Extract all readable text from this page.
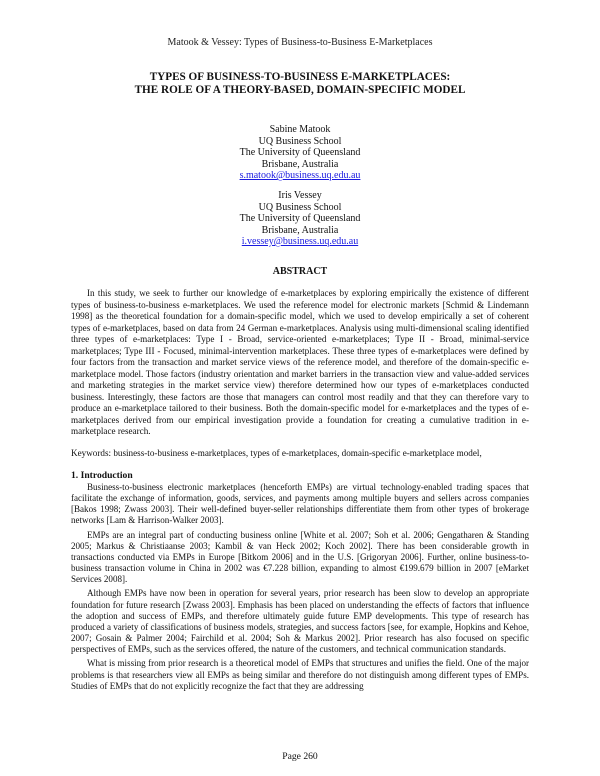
Matook & Vessey: Types of Business-to-Business E-Marketplaces
TYPES OF BUSINESS-TO-BUSINESS E-MARKETPLACES:
THE ROLE OF A THEORY-BASED, DOMAIN-SPECIFIC MODEL
Sabine Matook
UQ Business School
The University of Queensland
Brisbane, Australia
s.matook@business.uq.edu.au
Iris Vessey
UQ Business School
The University of Queensland
Brisbane, Australia
i.vessey@business.uq.edu.au
ABSTRACT

In this study, we seek to further our knowledge of e-marketplaces by exploring empirically the existence of different types of business-to-business e-marketplaces. We used the reference model for electronic markets [Schmid & Lindemann 1998] as the theoretical foundation for a domain-specific model, which we used to develop empirically a set of coherent types of e-marketplaces, based on data from 24 German e-marketplaces. Analysis using multi-dimensional scaling identified three types of e-marketplaces: Type I - Broad, service-oriented e-marketplaces; Type II - Broad, minimal-service marketplaces; Type III - Focused, minimal-intervention marketplaces. These three types of e-marketplaces were defined by four factors from the transaction and market service views of the reference model, and therefore of the domain-specific e-marketplace model. Those factors (industry orientation and market barriers in the transaction view and value-added services and marketing strategies in the market service view) therefore determined how our types of e-marketplaces conducted business. Interestingly, these factors are those that managers can control most readily and that they can therefore vary to produce an e-marketplace tailored to their business. Both the domain-specific model for e-marketplaces and the types of e-marketplaces derived from our empirical investigation provide a foundation for creating a cumulative tradition in e-marketplace research.

Keywords: business-to-business e-marketplaces, types of e-marketplaces, domain-specific e-marketplace model,

1. Introduction

Business-to-business electronic marketplaces (henceforth EMPs) are virtual technology-enabled trading spaces that facilitate the exchange of information, goods, services, and payments among multiple buyers and sellers across companies [Bakos 1998; Zwass 2003]. Their well-defined buyer-seller relationships differentiate them from other types of brokerage networks [Lam & Harrison-Walker 2003].

EMPs are an integral part of conducting business online [White et al. 2007; Soh et al. 2006; Gengatharen & Standing 2005; Markus & Christiaanse 2003; Kambil & van Heck 2002; Koch 2002]. There has been considerable growth in transactions conducted via EMPs in Europe [Bitkom 2006] and in the U.S. [Grigoryan 2006]. Further, online business-to-business transaction volume in China in 2002 was €7.228 billion, expanding to almost €199.679 billion in 2007 [eMarket Services 2008].

Although EMPs have now been in operation for several years, prior research has been slow to develop an appropriate foundation for future research [Zwass 2003]. Emphasis has been placed on understanding the effects of factors that influence the adoption and success of EMPs, and therefore ultimately guide future EMP developments. This type of research has produced a variety of classifications of business models, strategies, and success factors [see, for example, Hopkins and Kehoe, 2007; Gosain & Palmer 2004; Fairchild et al. 2004; Soh & Markus 2002]. Prior research has also focused on specific perspectives of EMPs, such as the services offered, the nature of the customers, and technical communication standards.

What is missing from prior research is a theoretical model of EMPs that structures and unifies the field. One of the major problems is that researchers view all EMPs as being similar and therefore do not distinguish among different types of EMPs. Studies of EMPs that do not explicitly recognize the fact that they are addressing

Page 260
